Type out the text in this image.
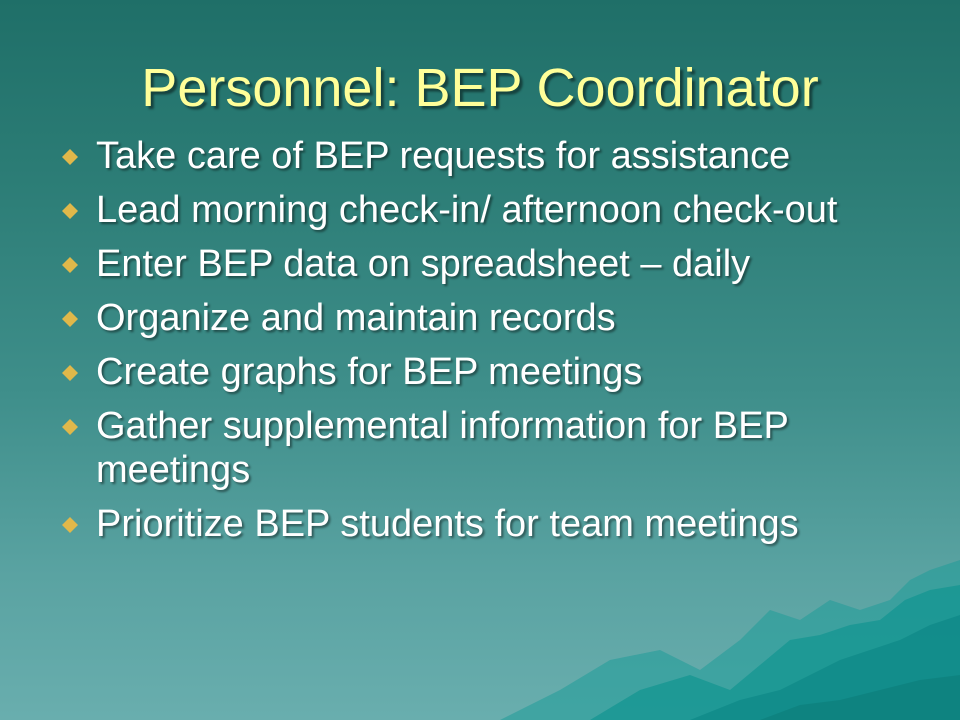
Personnel: BEP Coordinator
Take care of BEP requests for assistance
Lead morning check-in/ afternoon check-out
Enter BEP data on spreadsheet – daily
Organize and maintain records
Create graphs for BEP meetings
Gather supplemental information for BEP meetings
Prioritize BEP students for team meetings
